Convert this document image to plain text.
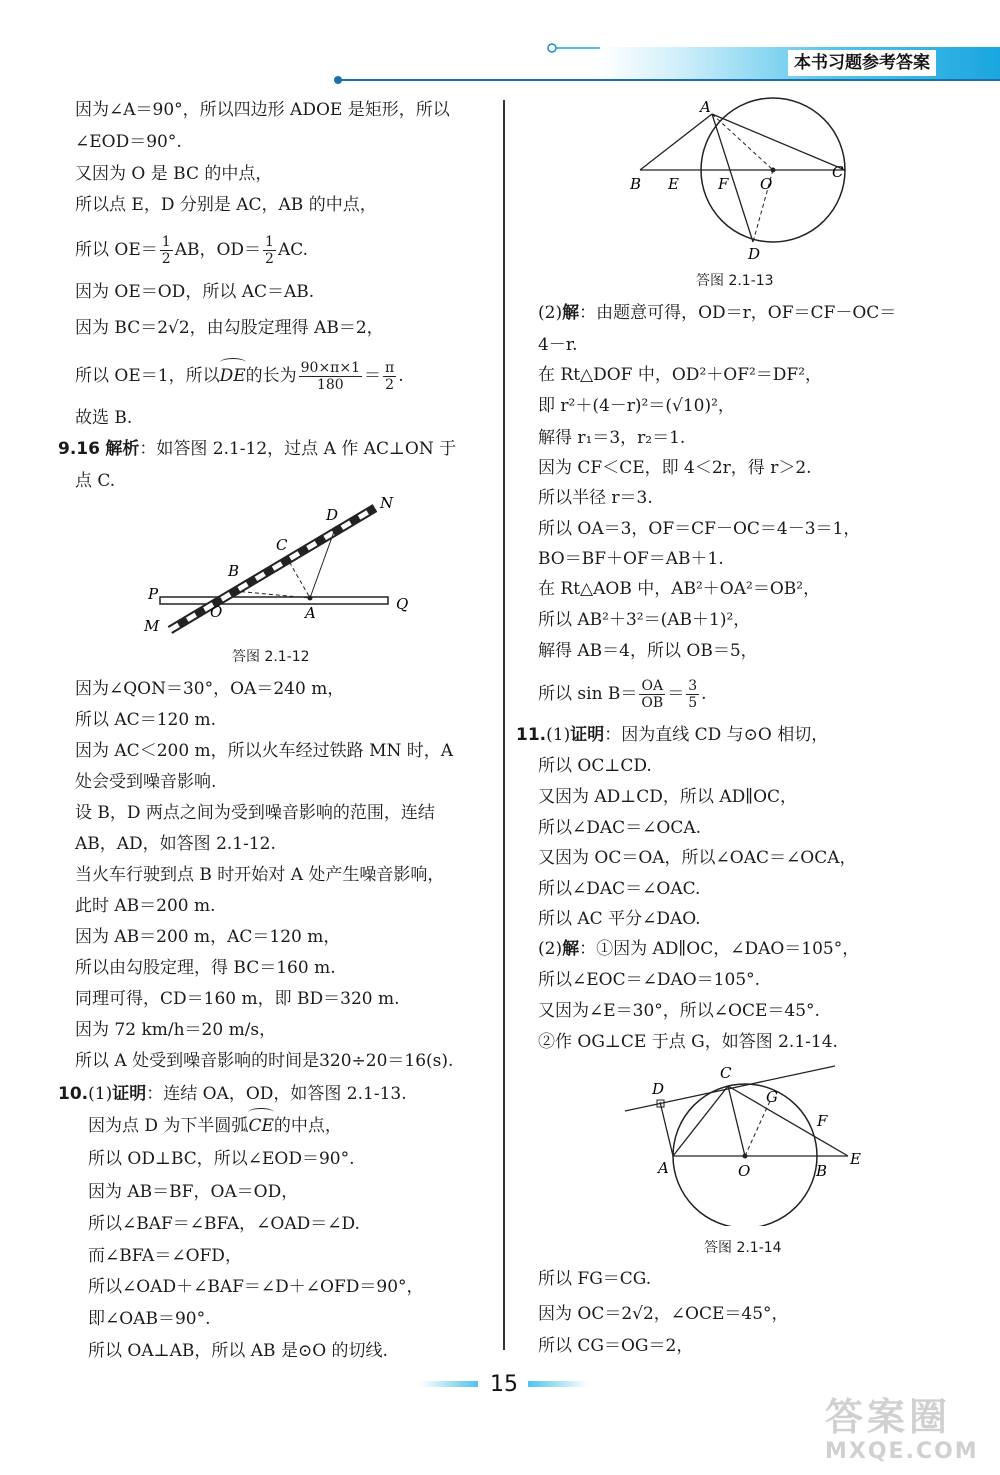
本书习题参考答案
因为∠A＝90°，所以四边形 ADOE 是矩形，所以
∠EOD＝90°.
又因为 O 是 BC 的中点，
所以点 E，D 分别是 AC，AB 的中点，
所以 $OE= \frac{1}{2}$ AB，$OD= \frac{1}{2}$ AC.
因为 OE＝OD，所以 AC＝AB.
因为 BC＝2√2，由勾股定理得 AB＝2，
所以 OE＝1，所以
DE的长为 $\frac{90\times\pi\times 1}{180} = \frac{\pi}{2}$ .
故选 B.
9.16 解析：如答图 2.1-12，过点 A 作 AC⊥ON 于
点 C.
P
Q
M
N
O	A
B
C
D
答图 2.1-12
因为∠QON＝30°，OA＝240 m，
所以 AC＝120 m.
因为 AC＜200 m，所以火车经过铁路 MN 时，A
处会受到噪音影响.
设 B，D 两点之间为受到噪音影响的范围，连结
AB，AD，如答图 2.1-12.
当火车行驶到点 B 时开始对 A 处产生噪音影响，
此时 AB＝200 m.
因为 AB＝200 m，AC＝120 m，
所以由勾股定理，得 BC＝160 m.
同理可得，CD＝160 m，即 BD＝320 m.
因为 72 km/h＝20 m/s，
所以 A 处受到噪音影响的时间是320÷20＝16(s).
10.(1)证明：连结 OA，OD，如答图 2.1-13.
因为点 D 为下半圆弧
CE的中点，
所以 OD⊥BC，所以∠EOD＝90°.
因为 AB＝BF，OA＝OD，
所以∠BAF＝∠BFA，∠OAD＝∠D.
而∠BFA＝∠OFD，
所以∠OAD＋∠BAF＝∠D＋∠OFD＝90°，
即∠OAB＝90°.
所以 OA⊥AB，所以 AB 是⊙O 的切线.
A
B E	F O
C
D
答图 2.1-13
(2)解：由题意可得，OD＝r，OF＝CF－OC＝
4－r.
在 Rt△DOF 中，OD²＋OF²＝DF²，
即 r²＋(4－r)²＝(√10)²，
解得 r₁＝3，r₂＝1.
因为 CF＜CE，即 4＜2r，得 r＞2.
所以半径 r＝3.
所以 OA＝3，OF＝CF－OC＝4－3＝1，
BO＝BF＋OF＝AB＋1.
在 Rt△AOB 中，AB²＋OA²＝OB²，
所以 AB²＋3²＝(AB＋1)²，
解得 AB＝4，所以 OB＝5，
所以 $\sin B= \frac{OA}{OB} = \frac{3}{5}$ .
11.(1)证明：因为直线 CD 与⊙O 相切，
所以 OC⊥CD.
又因为 AD⊥CD，所以 AD∥OC，
所以∠DAC＝∠OCA.
又因为 OC＝OA，所以∠OAC＝∠OCA，
所以∠DAC＝∠OAC.
所以 AC 平分∠DAO.
(2)解：①因为 AD∥OC，∠DAO＝105°，
所以∠EOC＝∠DAO＝105°.
又因为∠E＝30°，所以∠OCE＝45°.
②作 OG⊥CE 于点 G，如答图 2.1-14.
D
C
G
F
A	O	B
E
答图 2.1-14
所以 FG＝CG.
因为 OC＝2√2，∠OCE＝45°，
所以 CG＝OG＝2，
15
答案圈
MXQE.COM
